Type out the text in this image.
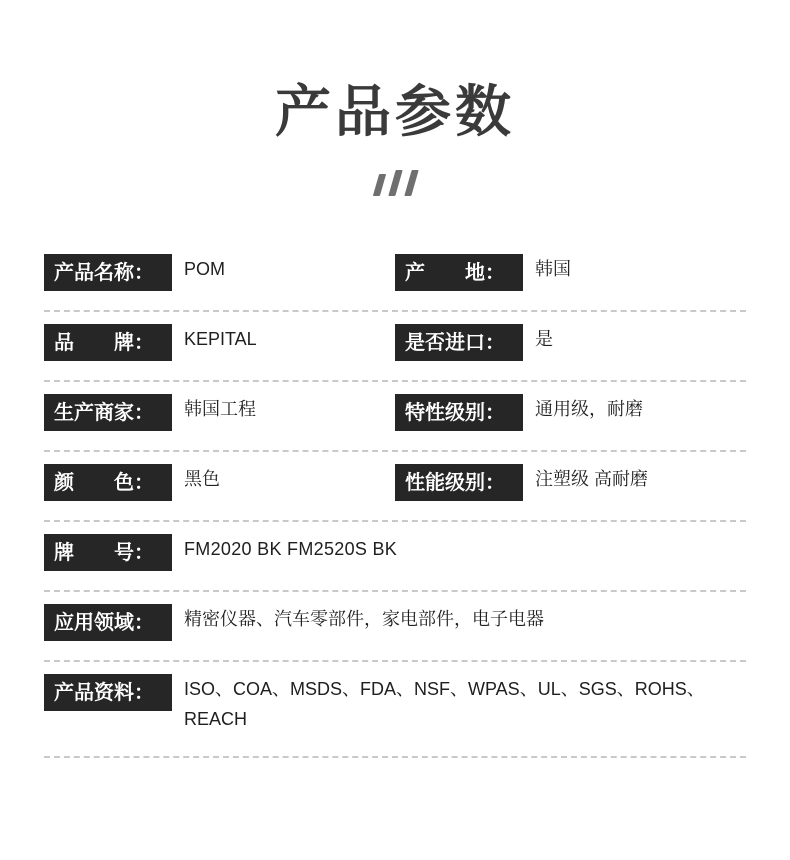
产品参数
产品名称：	POM	产　　地：	韩国
品　　牌：	KEPITAL	是否进口：	是
生产商家：	韩国工程	特性级别：	通用级，耐磨
颜　　色：	黑色	性能级别：	注塑级 高耐磨
牌　　号：	FM2020 BK FM2520S BK
应用领域：	精密仪器、汽车零部件，家电部件，电子电器
产品资料：	ISO、COA、MSDS、FDA、NSF、WPAS、UL、SGS、ROHS、REACH
